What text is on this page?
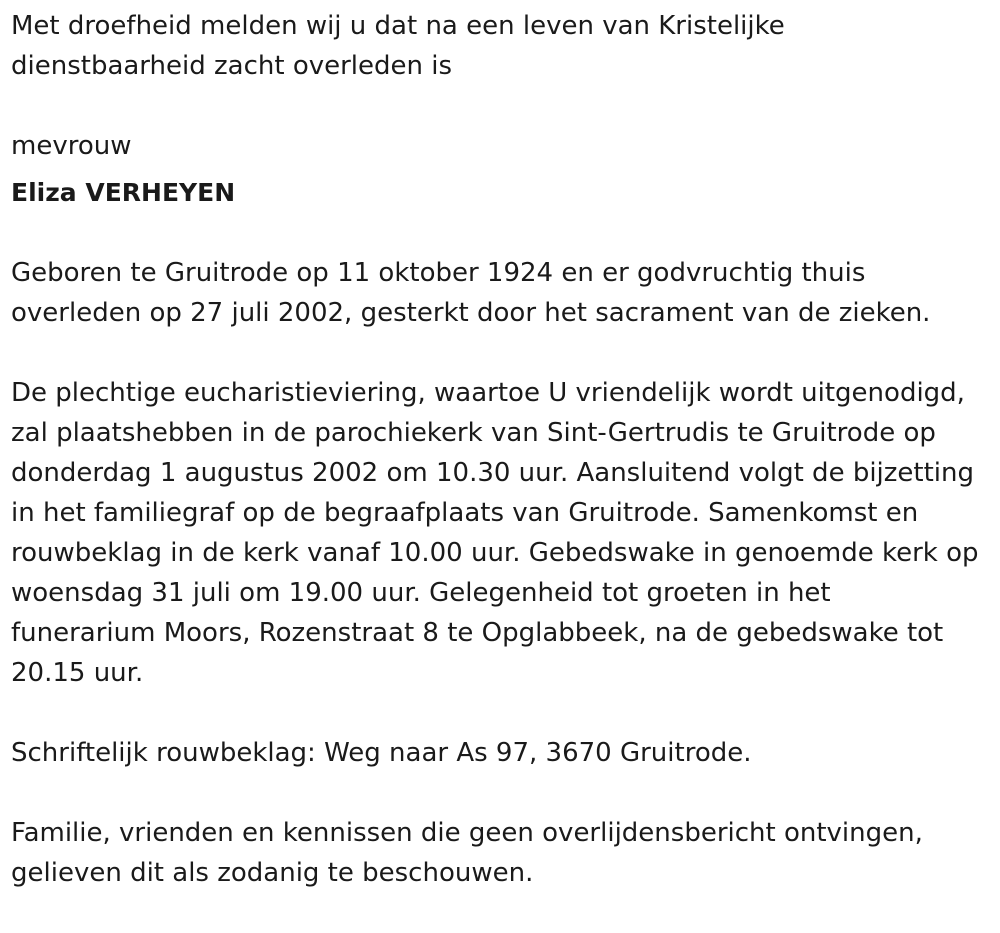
Met droefheid melden wij u dat na een leven van Kristelijke
dienstbaarheid zacht overleden is
mevrouw
Eliza VERHEYEN
Geboren te Gruitrode op 11 oktober 1924 en er godvruchtig thuis
overleden op 27 juli 2002, gesterkt door het sacrament van de zieken.
De plechtige eucharistieviering, waartoe U vriendelijk wordt uitgenodigd,
zal plaatshebben in de parochiekerk van Sint-Gertrudis te Gruitrode op
donderdag 1 augustus 2002 om 10.30 uur. Aansluitend volgt de bijzetting
in het familiegraf op de begraafplaats van Gruitrode. Samenkomst en
rouwbeklag in de kerk vanaf 10.00 uur. Gebedswake in genoemde kerk op
woensdag 31 juli om 19.00 uur. Gelegenheid tot groeten in het
funerarium Moors, Rozenstraat 8 te Opglabbeek, na de gebedswake tot
20.15 uur.
Schriftelijk rouwbeklag: Weg naar As 97, 3670 Gruitrode.
Familie, vrienden en kennissen die geen overlijdensbericht ontvingen,
gelieven dit als zodanig te beschouwen.
